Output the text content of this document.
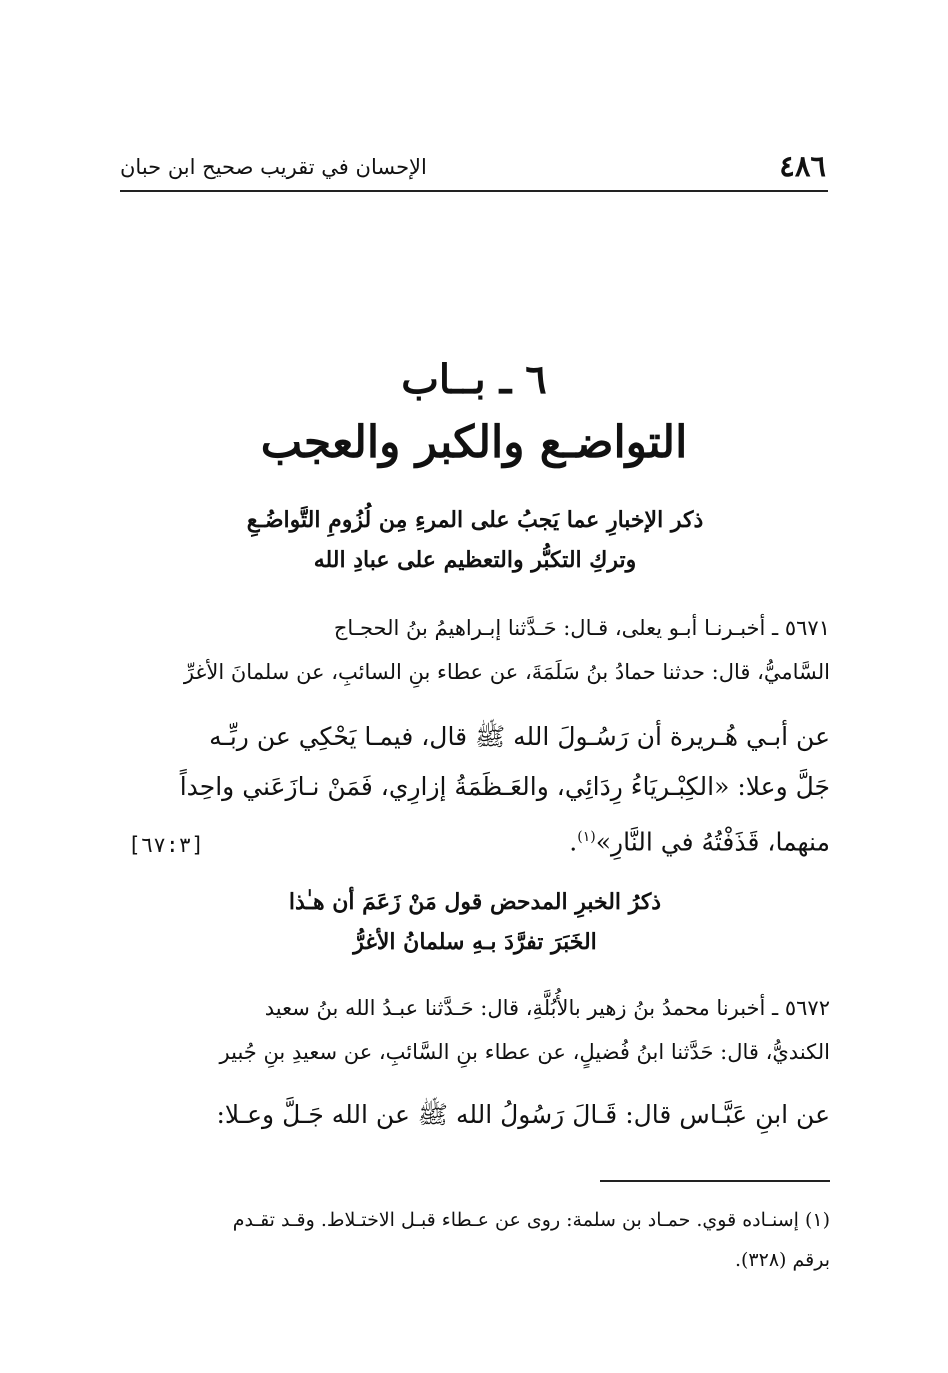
٤٨٦
الإحسان في تقريب صحيح ابن حبان
٦ ـ بــاب
التواضـع والكبر والعجب
ذكر الإخبارِ عما يَجبُ على المرءِ مِن لُزُومِ التَّواضُـعِ
وتركِ التكبُّر والتعظيم على عبادِ الله
٥٦٧١ ـ أخبـرنـا أبـو يعلى، قـال: حَـدَّثنا إبـراهيمُ بنُ الحجـاج
السَّاميُّ، قال: حدثنا حمادُ بنُ سَلَمَةَ، عن عطاء بنِ السائبِ، عن سلمانَ الأغرِّ
عن أبـي هُـريرة أن رَسُـولَ الله ﷺ قال، فيمـا يَحْكِي عن ربِّـه
جَلَّ وعلا: «الكِبْـريَاءُ رِدَائِي، والعَـظَمَةُ إزارِي، فَمَنْ نـازَعَني واحِداً
منهما، قَذَفْتُهُ في النَّارِ»$^{(١)}$.
[٦٧:٣]
ذكرُ الخبرِ المدحض قول مَنْ زَعَمَ أن هـٰذا
الخَبَرَ تفرَّدَ بـهِ سلمانُ الأغرُّ
٥٦٧٢ ـ أخبرنا محمدُ بنُ زهير بالأُبُلَّةِ، قال: حَـدَّثنا عبـدُ الله بنُ سعيد
الكنديُّ، قال: حَدَّثنا ابنُ فُضيلٍ، عن عطاء بنِ السَّائبِ، عن سعيدِ بنِ جُبير
عن ابنِ عَبَّـاس قال: قَـالَ رَسُولُ الله ﷺ عن الله جَـلَّ وعـلا:
(١) إسنـاده قوي. حمـاد بن سلمة: روى عن عـطاء قبـل الاختـلاط. وقـد تقـدم
برقم (٣٢٨).
